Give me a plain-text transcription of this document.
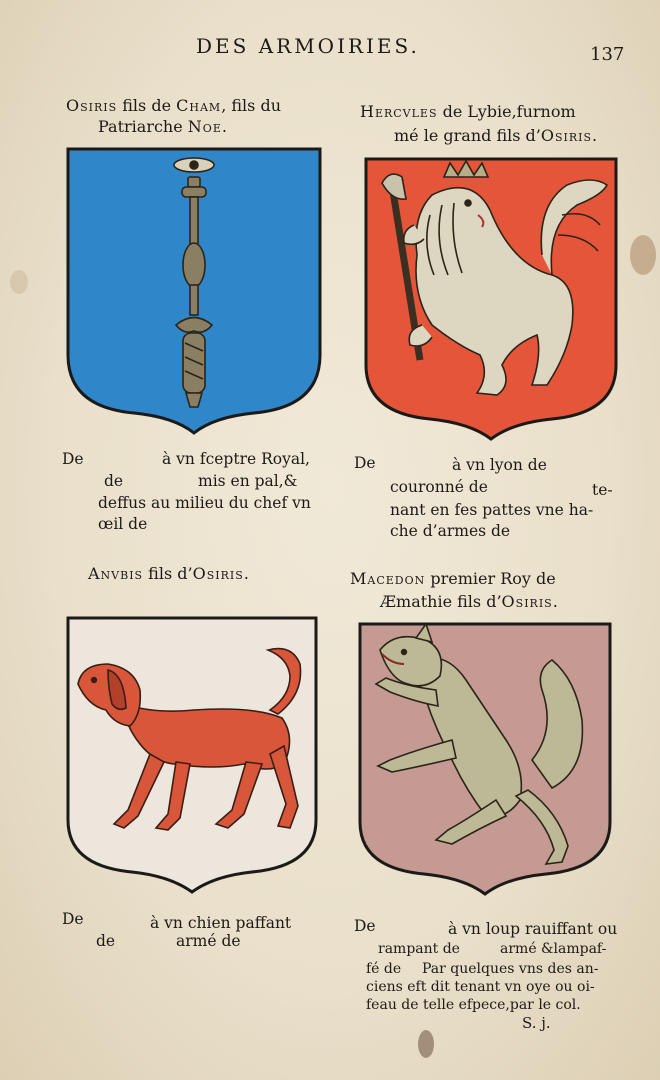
DES ARMOIRIES.	137
Osiris fils de Cham, fils du
Patriarche Noe.
De	à vn fceptre Royal,
de	mis en pal,&
deffus au milieu du chef vn
œil de
Hercvles de Lybie,furnom
mé le grand fils d’Osiris.
De	à vn lyon de
couronné de	te-
nant en fes pattes vne ha-
che d’armes de
Anvbis fils d’Osiris.
De	à vn chien paffant
de	armé de
Macedon premier Roy de
Æmathie fils d’Osiris.
De	à vn loup rauiffant ou
rampant de	armé &lampaf-
fé de Par quelques vns des an-
ciens eft dit tenant vn oye ou oi-
feau de telle efpece,par le col.
S. j.
